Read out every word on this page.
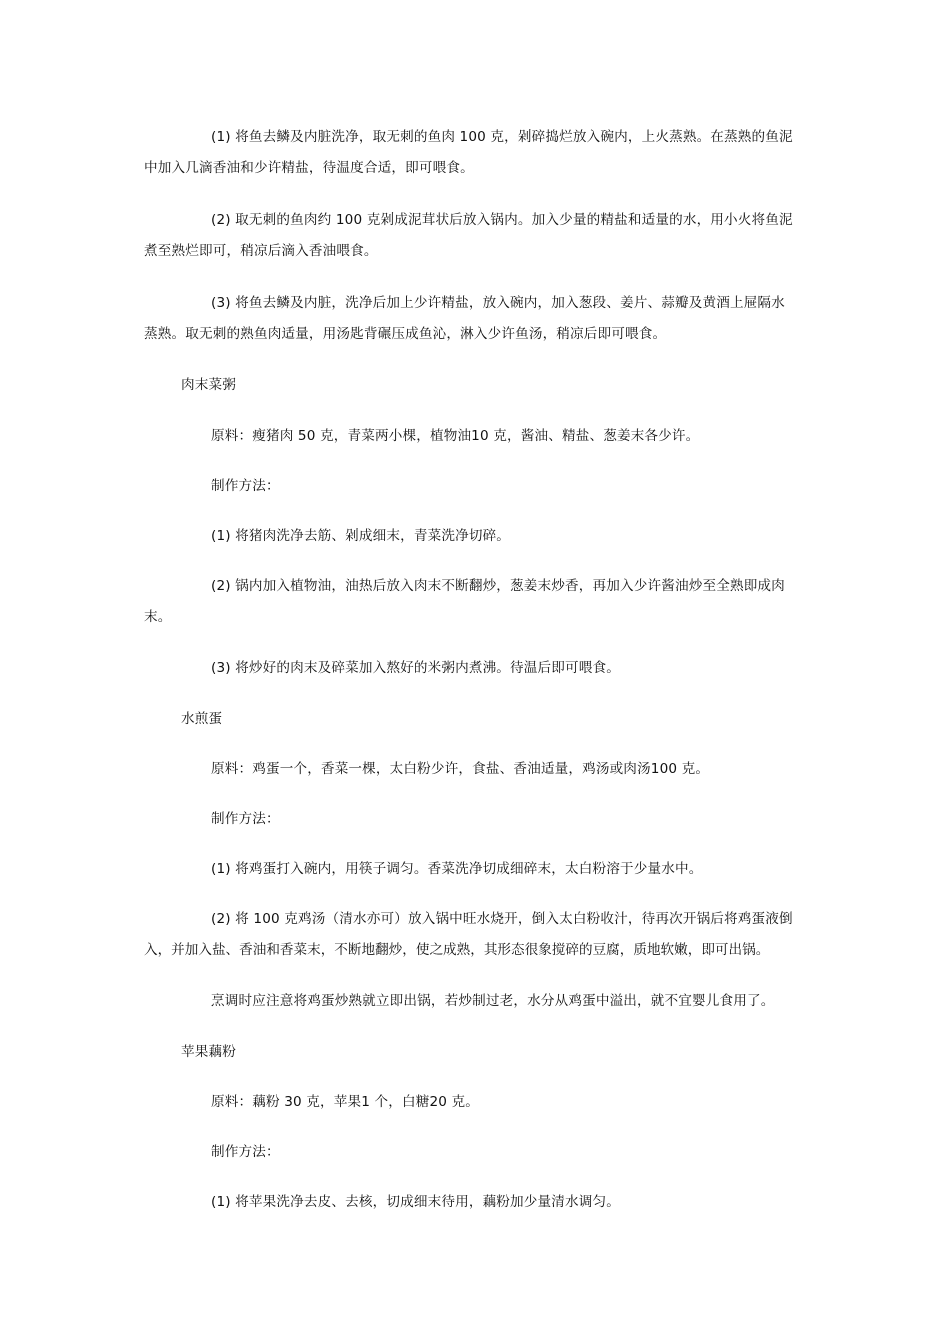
(1) 将鱼去鳞及内脏洗净，取无刺的鱼肉 100 克，剁碎捣烂放入碗内，上火蒸熟。在蒸熟的鱼泥
中加入几滴香油和少许精盐，待温度合适，即可喂食。
(2) 取无刺的鱼肉约 100 克剁成泥茸状后放入锅内。加入少量的精盐和适量的水，用小火将鱼泥
煮至熟烂即可，稍凉后滴入香油喂食。
(3) 将鱼去鳞及内脏，洗净后加上少许精盐，放入碗内，加入葱段、姜片、蒜瓣及黄酒上屉隔水
蒸熟。取无刺的熟鱼肉适量，用汤匙背碾压成鱼沁，淋入少许鱼汤，稍凉后即可喂食。
肉末菜粥
原料：瘦猪肉 50 克，青菜两小棵，植物油10 克，酱油、精盐、葱姜末各少许。
制作方法：
(1) 将猪肉洗净去筋、剁成细末，青菜洗净切碎。
(2) 锅内加入植物油，油热后放入肉末不断翻炒，葱姜末炒香，再加入少许酱油炒至全熟即成肉
末。
(3) 将炒好的肉末及碎菜加入熬好的米粥内煮沸。待温后即可喂食。
水煎蛋
原料：鸡蛋一个，香菜一棵，太白粉少许，食盐、香油适量，鸡汤或肉汤100 克。
制作方法：
(1) 将鸡蛋打入碗内，用筷子调匀。香菜洗净切成细碎末，太白粉溶于少量水中。
(2) 将 100 克鸡汤（清水亦可）放入锅中旺水烧开，倒入太白粉收汁，待再次开锅后将鸡蛋液倒
入，并加入盐、香油和香菜末，不断地翻炒，使之成熟，其形态很象搅碎的豆腐，质地软嫩，即可出锅。
烹调时应注意将鸡蛋炒熟就立即出锅，若炒制过老，水分从鸡蛋中溢出，就不宜婴儿食用了。
苹果藕粉
原料：藕粉 30 克，苹果1 个，白糖20 克。
制作方法：
(1) 将苹果洗净去皮、去核，切成细末待用，藕粉加少量清水调匀。
